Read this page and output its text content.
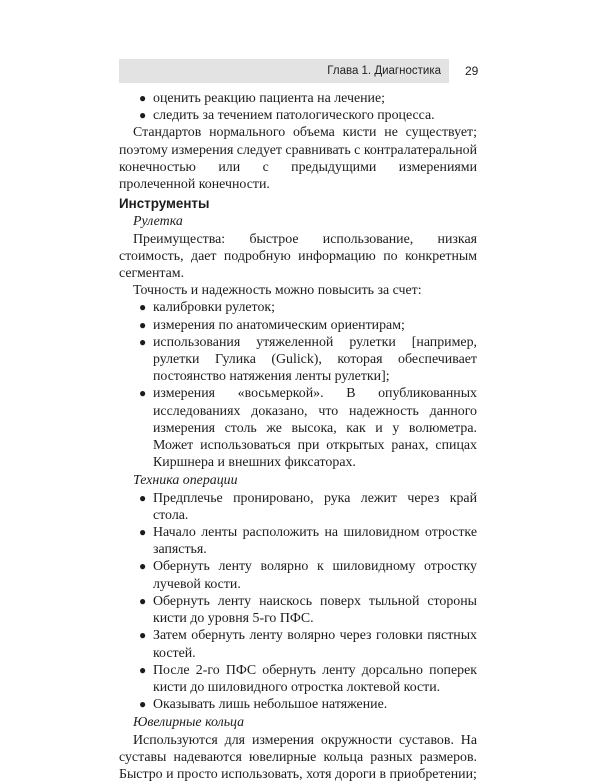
Глава 1. Диагностика 29
● оценить реакцию пациента на лечение;
● следить за течением патологического процесса.

Стандартов нормального объема кисти не существует; поэтому измерения следует сравнивать с контралатеральной конечностью или с предыдущими измерениями пролеченной конечности.

Инструменты
Рулетка

Преимущества: быстрое использование, низкая стоимость, дает подробную информацию по конкретным сегментам.

Точность и надежность можно повысить за счет:

● калибровки рулеток;
● измерения по анатомическим ориентирам;
● использования утяжеленной рулетки [например, рулетки Гулика (Gulick), которая обеспечивает постоянство натяжения ленты рулетки];
● измерения «восьмеркой». В опубликованных исследованиях доказано, что надежность данного измерения столь же высока, как и у волюметра. Может использоваться при открытых ранах, спицах Киршнера и внешних фиксаторах.
Техника операции
● Предплечье пронировано, рука лежит через край стола.
● Начало ленты расположить на шиловидном отростке запястья.
● Обернуть ленту волярно к шиловидному отростку лучевой кости.
● Обернуть ленту наискось поверх тыльной стороны кисти до уровня 5-го ПФС.
● Затем обернуть ленту волярно через головки пястных костей.
● После 2-го ПФС обернуть ленту дорсально поперек кисти до шиловидного отростка локтевой кости.
● Оказывать лишь небольшое натяжение.
Ювелирные кольца

Используются для измерения окружности суставов. На суставы надеваются ювелирные кольца разных размеров. Быстро и просто использовать, хотя дороги в приобретении;
